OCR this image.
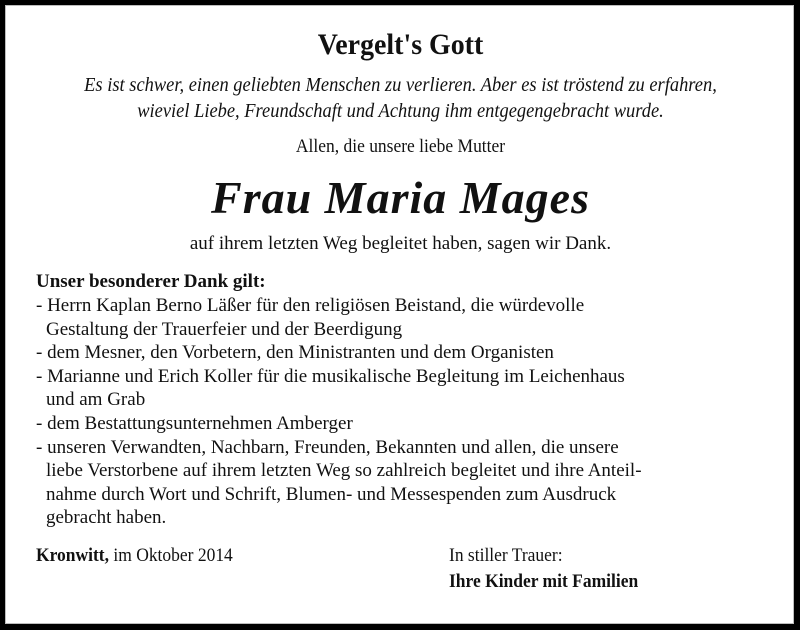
Vergelt's Gott
Es ist schwer, einen geliebten Menschen zu verlieren. Aber es ist tröstend zu erfahren,
wieviel Liebe, Freundschaft und Achtung ihm entgegengebracht wurde.
Allen, die unsere liebe Mutter
Frau Maria Mages
auf ihrem letzten Weg begleitet haben, sagen wir Dank.
Unser besonderer Dank gilt:
- Herrn Kaplan Berno Läßer für den religiösen Beistand, die würdevolle
Gestaltung der Trauerfeier und der Beerdigung
- dem Mesner, den Vorbetern, den Ministranten und dem Organisten
- Marianne und Erich Koller für die musikalische Begleitung im Leichenhaus
und am Grab
- dem Bestattungsunternehmen Amberger
- unseren Verwandten, Nachbarn, Freunden, Bekannten und allen, die unsere
liebe Verstorbene auf ihrem letzten Weg so zahlreich begleitet und ihre Anteil-
nahme durch Wort und Schrift, Blumen- und Messespenden zum Ausdruck
gebracht haben.
Kronwitt, im Oktober 2014	In stiller Trauer:
Ihre Kinder mit Familien
